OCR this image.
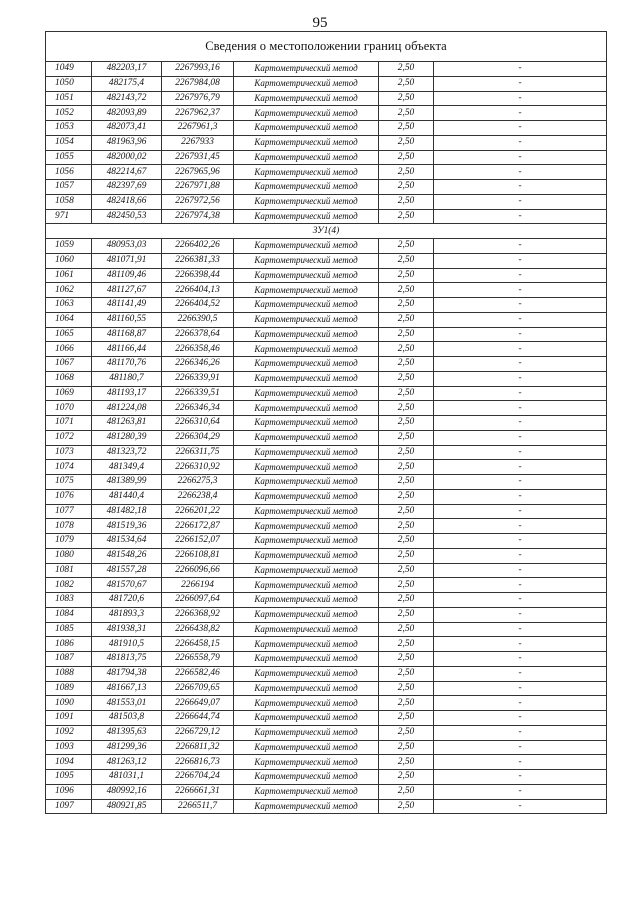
95
Сведения о местоположении границ объекта					
1049	482203,17	2267993,16	Картометрический метод	2,50	-
1050	482175,4	2267984,08	Картометрический метод	2,50	-
1051	482143,72	2267976,79	Картометрический метод	2,50	-
1052	482093,89	2267962,37	Картометрический метод	2,50	-
1053	482073,41	2267961,3	Картометрический метод	2,50	-
1054	481963,96	2267933	Картометрический метод	2,50	-
1055	482000,02	2267931,45	Картометрический метод	2,50	-
1056	482214,67	2267965,96	Картометрический метод	2,50	-
1057	482397,69	2267971,88	Картометрический метод	2,50	-
1058	482418,66	2267972,56	Картометрический метод	2,50	-
971	482450,53	2267974,38	Картометрический метод	2,50	-
ЗУ1(4)					
1059	480953,03	2266402,26	Картометрический метод	2,50	-
1060	481071,91	2266381,33	Картометрический метод	2,50	-
1061	481109,46	2266398,44	Картометрический метод	2,50	-
1062	481127,67	2266404,13	Картометрический метод	2,50	-
1063	481141,49	2266404,52	Картометрический метод	2,50	-
1064	481160,55	2266390,5	Картометрический метод	2,50	-
1065	481168,87	2266378,64	Картометрический метод	2,50	-
1066	481166,44	2266358,46	Картометрический метод	2,50	-
1067	481170,76	2266346,26	Картометрический метод	2,50	-
1068	481180,7	2266339,91	Картометрический метод	2,50	-
1069	481193,17	2266339,51	Картометрический метод	2,50	-
1070	481224,08	2266346,34	Картометрический метод	2,50	-
1071	481263,81	2266310,64	Картометрический метод	2,50	-
1072	481280,39	2266304,29	Картометрический метод	2,50	-
1073	481323,72	2266311,75	Картометрический метод	2,50	-
1074	481349,4	2266310,92	Картометрический метод	2,50	-
1075	481389,99	2266275,3	Картометрический метод	2,50	-
1076	481440,4	2266238,4	Картометрический метод	2,50	-
1077	481482,18	2266201,22	Картометрический метод	2,50	-
1078	481519,36	2266172,87	Картометрический метод	2,50	-
1079	481534,64	2266152,07	Картометрический метод	2,50	-
1080	481548,26	2266108,81	Картометрический метод	2,50	-
1081	481557,28	2266096,66	Картометрический метод	2,50	-
1082	481570,67	2266194	Картометрический метод	2,50	-
1083	481720,6	2266097,64	Картометрический метод	2,50	-
1084	481893,3	2266368,92	Картометрический метод	2,50	-
1085	481938,31	2266438,82	Картометрический метод	2,50	-
1086	481910,5	2266458,15	Картометрический метод	2,50	-
1087	481813,75	2266558,79	Картометрический метод	2,50	-
1088	481794,38	2266582,46	Картометрический метод	2,50	-
1089	481667,13	2266709,65	Картометрический метод	2,50	-
1090	481553,01	2266649,07	Картометрический метод	2,50	-
1091	481503,8	2266644,74	Картометрический метод	2,50	-
1092	481395,63	2266729,12	Картометрический метод	2,50	-
1093	481299,36	2266811,32	Картометрический метод	2,50	-
1094	481263,12	2266816,73	Картометрический метод	2,50	-
1095	481031,1	2266704,24	Картометрический метод	2,50	-
1096	480992,16	2266661,31	Картометрический метод	2,50	-
1097	480921,85	2266511,7	Картометрический метод	2,50	-
